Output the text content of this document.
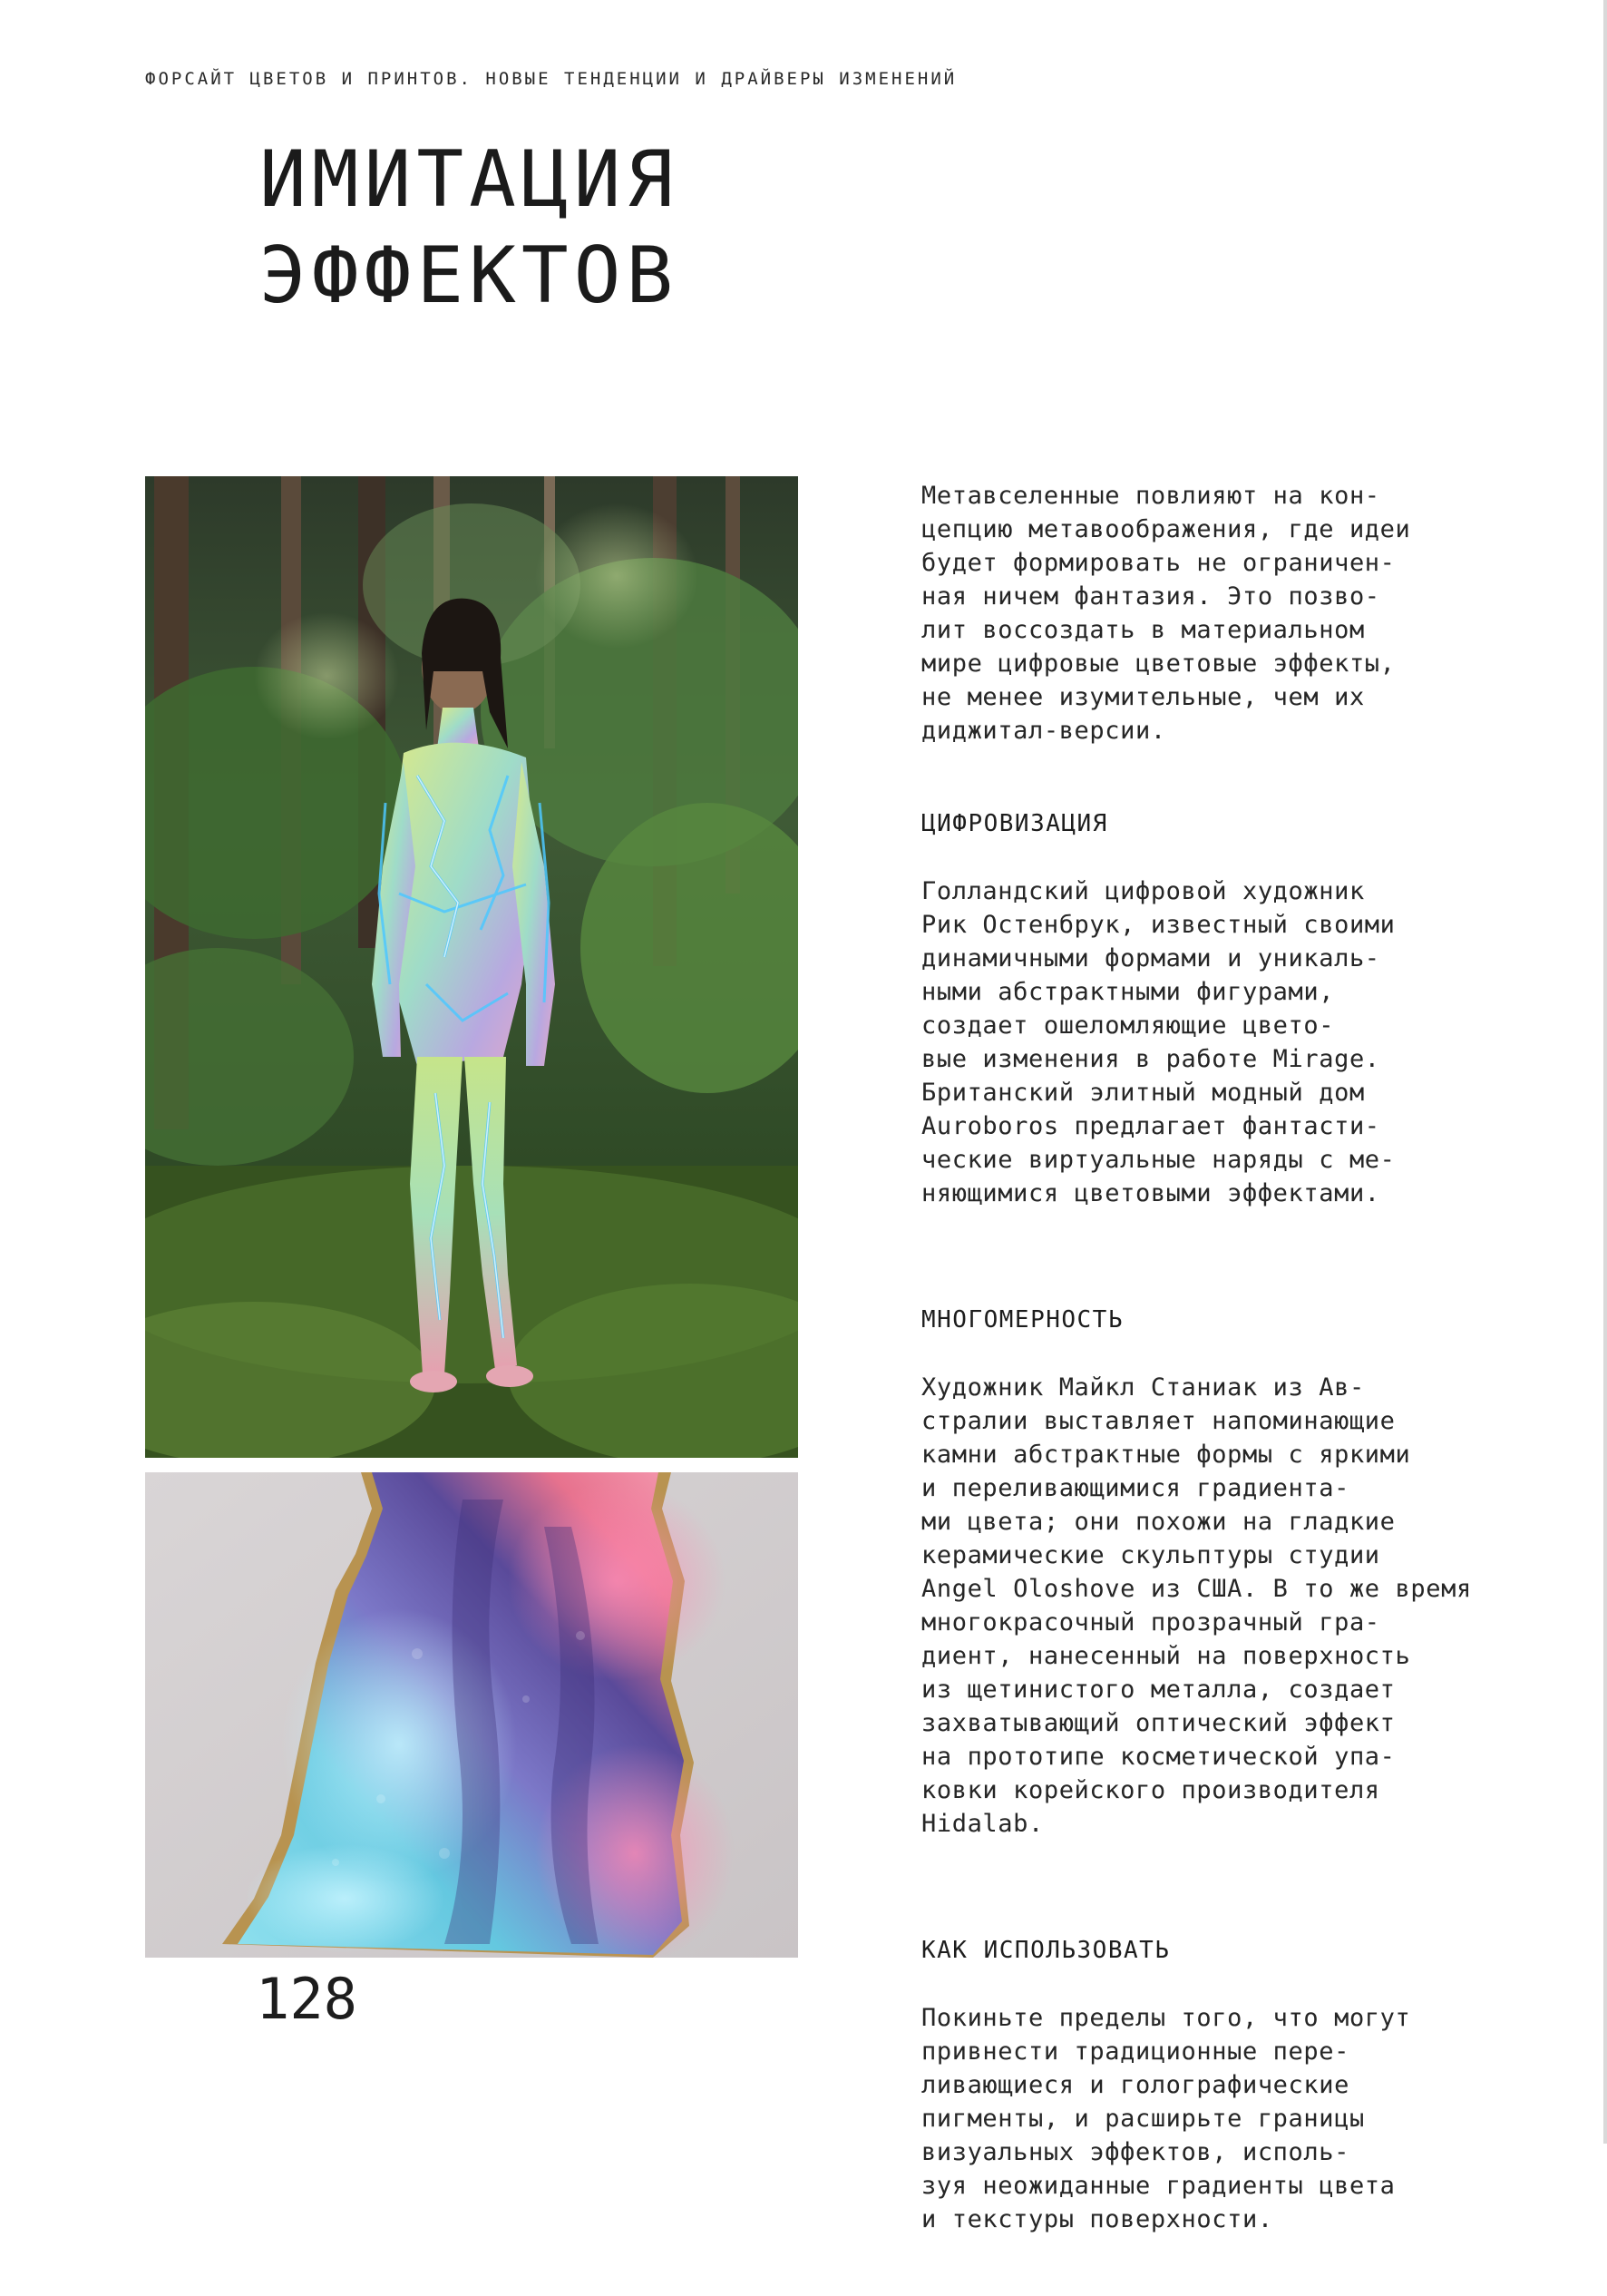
ФОРСАЙТ ЦВЕТОВ И ПРИНТОВ. НОВЫЕ ТЕНДЕНЦИИ И ДРАЙВЕРЫ ИЗМЕНЕНИЙ
ИМИТАЦИЯ
ЭФФЕКТОВ
Метавселенные повлияют на кон-
цепцию метавоображения, где идеи
будет формировать не ограничен-
ная ничем фантазия. Это позво-
лит воссоздать в материальном
мире цифровые цветовые эффекты,
не менее изумительные, чем их
диджитал-версии.

ЦИФРОВИЗАЦИЯ

Голландский цифровой художник
Рик Остенбрук, известный своими
динамичными формами и уникаль-
ными абстрактными фигурами,
создает ошеломляющие цвето-
вые изменения в работе Mirage.
Британский элитный модный дом
Auroboros предлагает фантасти-
ческие виртуальные наряды с ме-
няющимися цветовыми эффектами.

МНОГОМЕРНОСТЬ

Художник Майкл Станиак из Ав-
стралии выставляет напоминающие
камни абстрактные формы с яркими
и переливающимися градиента-
ми цвета; они похожи на гладкие
керамические скульптуры студии
Angel Oloshove из США. В то же время
многокрасочный прозрачный гра-
диент, нанесенный на поверхность
из щетинистого металла, создает
захватывающий оптический эффект
на прототипе косметической упа-
ковки корейского производителя
Hidalab.

КАК ИСПОЛЬЗОВАТЬ

Покиньте пределы того, что могут
привнести традиционные пере-
ливающиеся и голографические
пигменты, и расширьте границы
визуальных эффектов, исполь-
зуя неожиданные градиенты цвета
и текстуры поверхности.

128
